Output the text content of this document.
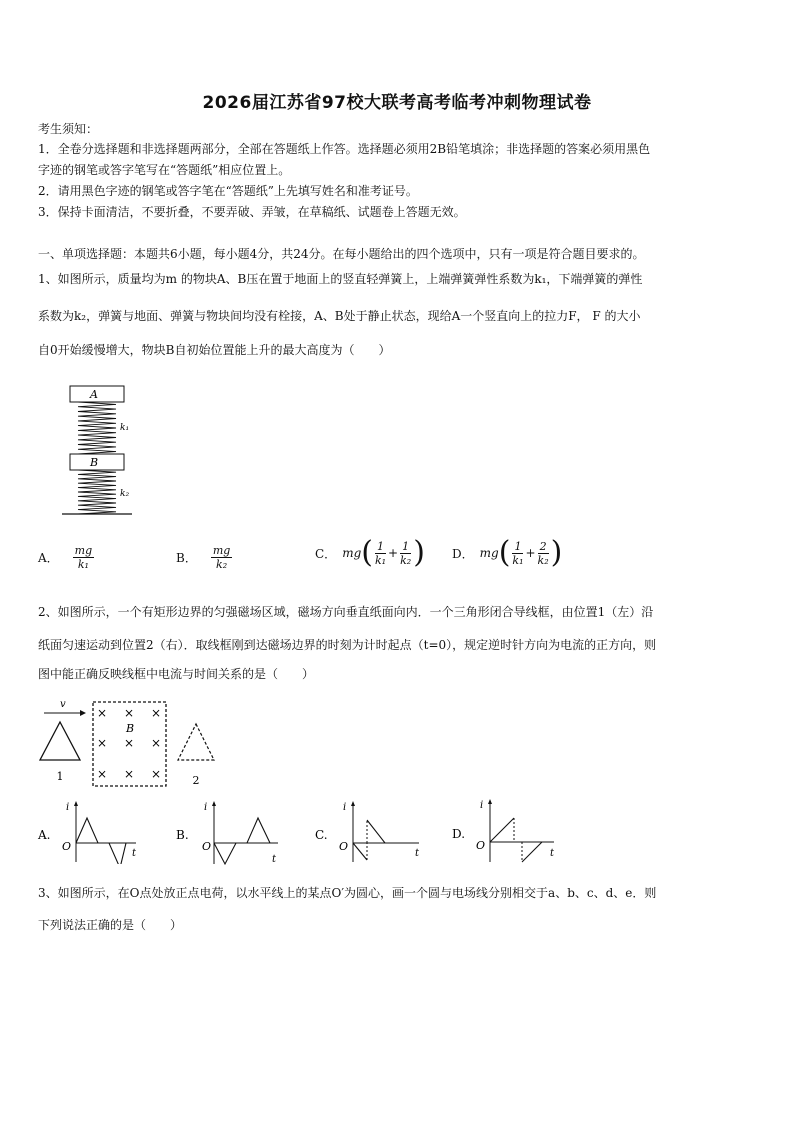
2026届江苏省97校大联考高考临考冲刺物理试卷
考生须知：
1．全卷分选择题和非选择题两部分，全部在答题纸上作答。选择题必须用2B铅笔填涂；非选择题的答案必须用黑色
字迹的钢笔或答字笔写在“答题纸”相应位置上。
2．请用黑色字迹的钢笔或答字笔在“答题纸”上先填写姓名和准考证号。
3．保持卡面清洁，不要折叠，不要弄破、弄皱，在草稿纸、试题卷上答题无效。
一、单项选择题：本题共6小题，每小题4分，共24分。在每小题给出的四个选项中，只有一项是符合题目要求的。
1、如图所示，质量均为m 的物块A、B压在置于地面上的竖直轻弹簧上，上端弹簧弹性系数为k₁，下端弹簧的弹性
系数为k₂，弹簧与地面、弹簧与物块间均没有栓接，A、B处于静止状态，现给A一个竖直向上的拉力F， F 的大小
自0开始缓慢增大，物块B自初始位置能上升的最大高度为（　　）
A
k₁
B
k₂
A． $\frac{mg}{\text{k₁}}$	B． $\frac{mg}{\text{k₂}}$	C． mg ( $\frac{1}{\text{k₁}} + \frac{1}{\text{k₂}}$ ) D． mg ( $\frac{1}{\text{k₁}} + \frac{2}{\text{k₂}}$ )
2、如图所示，一个有矩形边界的匀强磁场区域，磁场方向垂直纸面向内．一个三角形闭合导线框，由位置1（左）沿
纸面匀速运动到位置2（右）．取线框刚到达磁场边界的时刻为计时起点（t=0），规定逆时针方向为电流的正方向，则
图中能正确反映线框中电流与时间关系的是（　　）
v
1
× × ×
× × ×
× × ×
B
2
A.
i
O
t
B.
i
O
t
C.
i
O
t
D.
i
O
t
3、如图所示，在O点处放正点电荷，以水平线上的某点O′为圆心，画一个圆与电场线分别相交于a、b、c、d、e．则
下列说法正确的是（　　）
